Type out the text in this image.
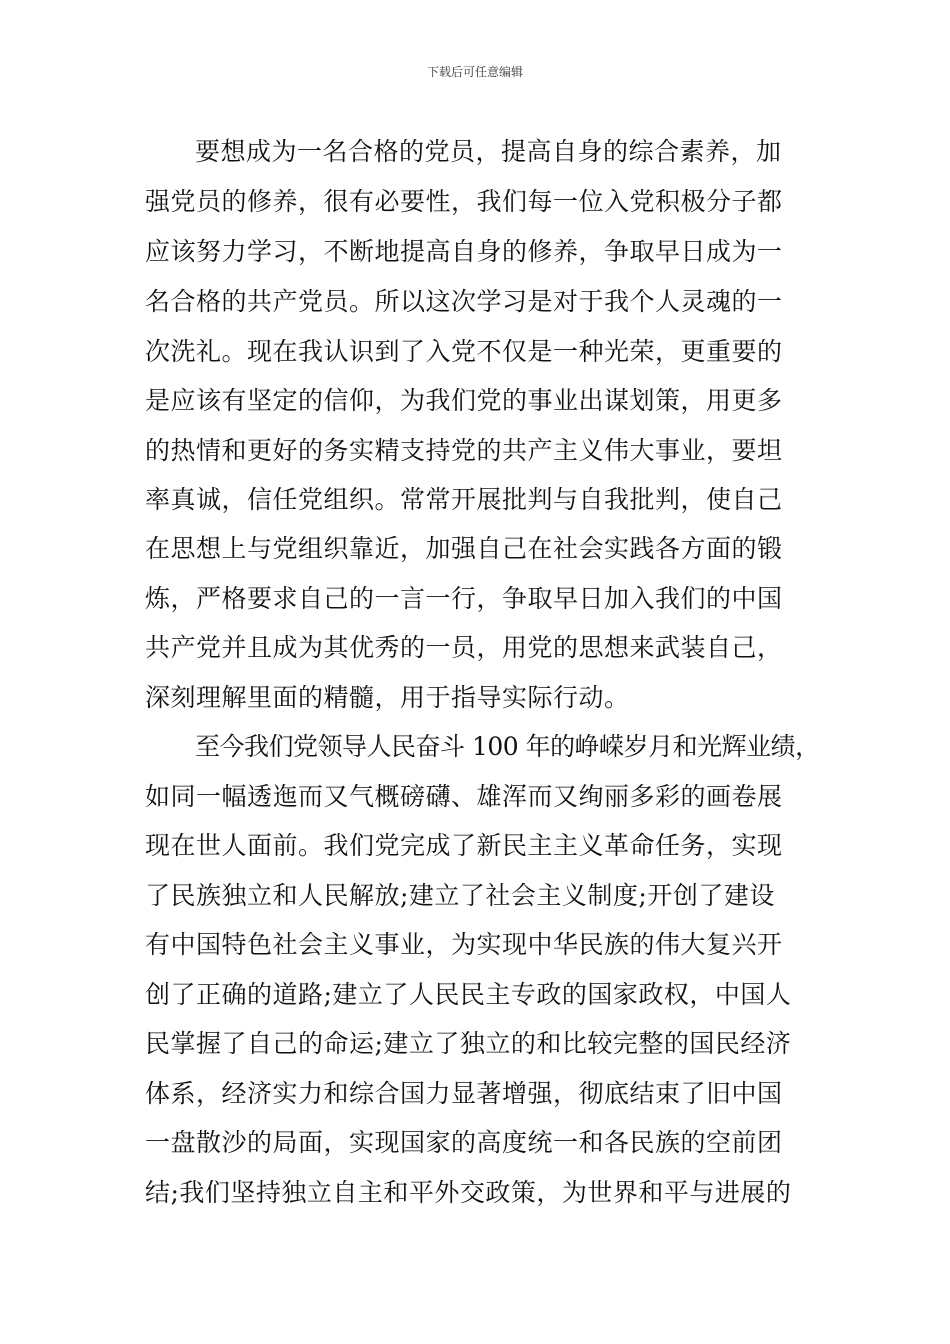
下载后可任意编辑
要想成为一名合格的党员，提高自身的综合素养，加
强党员的修养，很有必要性，我们每一位入党积极分子都
应该努力学习，不断地提高自身的修养，争取早日成为一
名合格的共产党员。所以这次学习是对于我个人灵魂的一
次洗礼。现在我认识到了入党不仅是一种光荣，更重要的
是应该有坚定的信仰，为我们党的事业出谋划策，用更多
的热情和更好的务实精支持党的共产主义伟大事业，要坦
率真诚，信任党组织。常常开展批判与自我批判，使自己
在思想上与党组织靠近，加强自己在社会实践各方面的锻
炼，严格要求自己的一言一行，争取早日加入我们的中国
共产党并且成为其优秀的一员，用党的思想来武装自己，
深刻理解里面的精髓，用于指导实际行动。
至今我们党领导人民奋斗 100 年的峥嵘岁月和光辉业绩，
如同一幅透迤而又气概磅礴、雄浑而又绚丽多彩的画卷展
现在世人面前。我们党完成了新民主主义革命任务，实现
了民族独立和人民解放;建立了社会主义制度;开创了建设
有中国特色社会主义事业，为实现中华民族的伟大复兴开
创了正确的道路;建立了人民民主专政的国家政权，中国人
民掌握了自己的命运;建立了独立的和比较完整的国民经济
体系，经济实力和综合国力显著增强，彻底结束了旧中国
一盘散沙的局面，实现国家的高度统一和各民族的空前团
结;我们坚持独立自主和平外交政策，为世界和平与进展的
